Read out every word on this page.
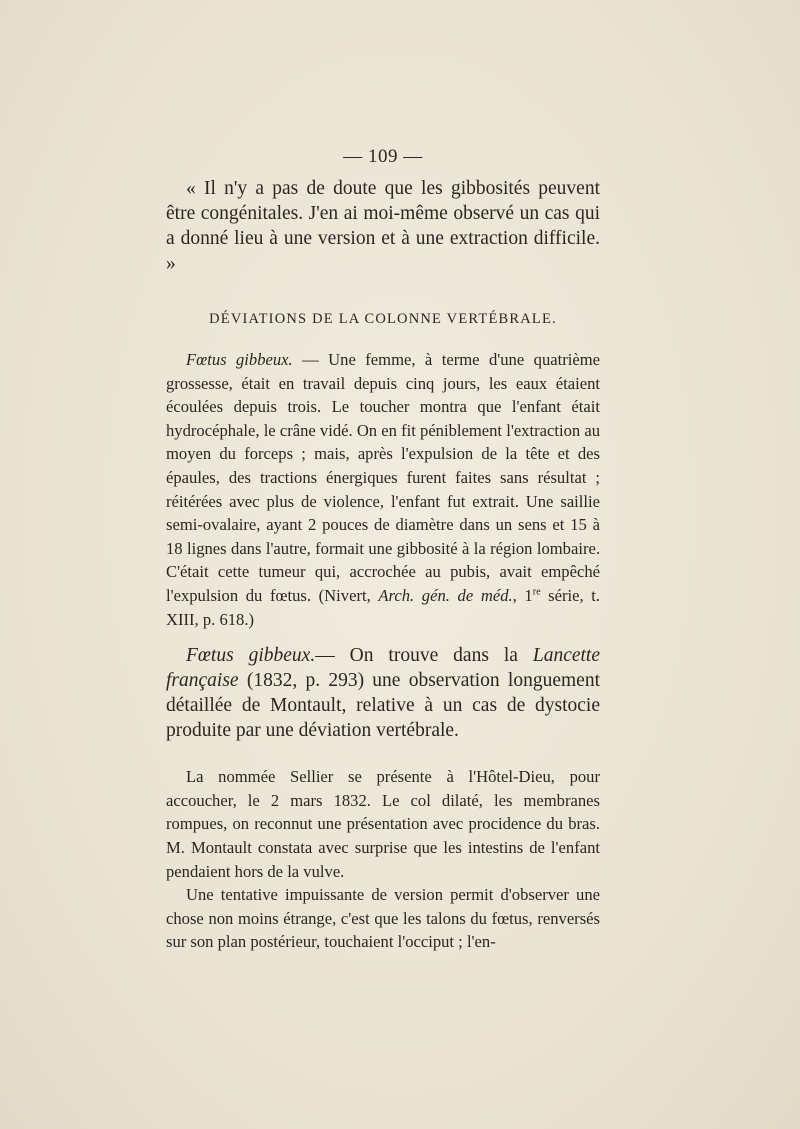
— 109 —

« Il n'y a pas de doute que les gibbosités peuvent être congénitales. J'en ai moi-même observé un cas qui a donné lieu à une version et à une extraction difficile. »

DÉVIATIONS DE LA COLONNE VERTÉBRALE.

Fœtus gibbeux. — Une femme, à terme d'une quatrième grossesse, était en travail depuis cinq jours, les eaux étaient écoulées depuis trois. Le toucher montra que l'enfant était hydrocéphale, le crâne vidé. On en fit péniblement l'extraction au moyen du forceps ; mais, après l'expulsion de la tête et des épaules, des tractions énergiques furent faites sans résultat ; réitérées avec plus de violence, l'enfant fut extrait. Une saillie semi-ovalaire, ayant 2 pouces de diamètre dans un sens et 15 à 18 lignes dans l'autre, formait une gibbosité à la région lombaire. C'était cette tumeur qui, accrochée au pubis, avait empêché l'expulsion du fœtus. (Nivert, Arch. gén. de méd., 1re série, t. XIII, p. 618.)

Fœtus gibbeux.— On trouve dans la Lancette française (1832, p. 293) une observation longuement détaillée de Montault, relative à un cas de dystocie produite par une déviation vertébrale.

La nommée Sellier se présente à l'Hôtel-Dieu, pour accoucher, le 2 mars 1832. Le col dilaté, les membranes rompues, on reconnut une présentation avec procidence du bras. M. Montault constata avec surprise que les intestins de l'enfant pendaient hors de la vulve.

Une tentative impuissante de version permit d'observer une chose non moins étrange, c'est que les talons du fœtus, renversés sur son plan postérieur, touchaient l'occiput ; l'en-
